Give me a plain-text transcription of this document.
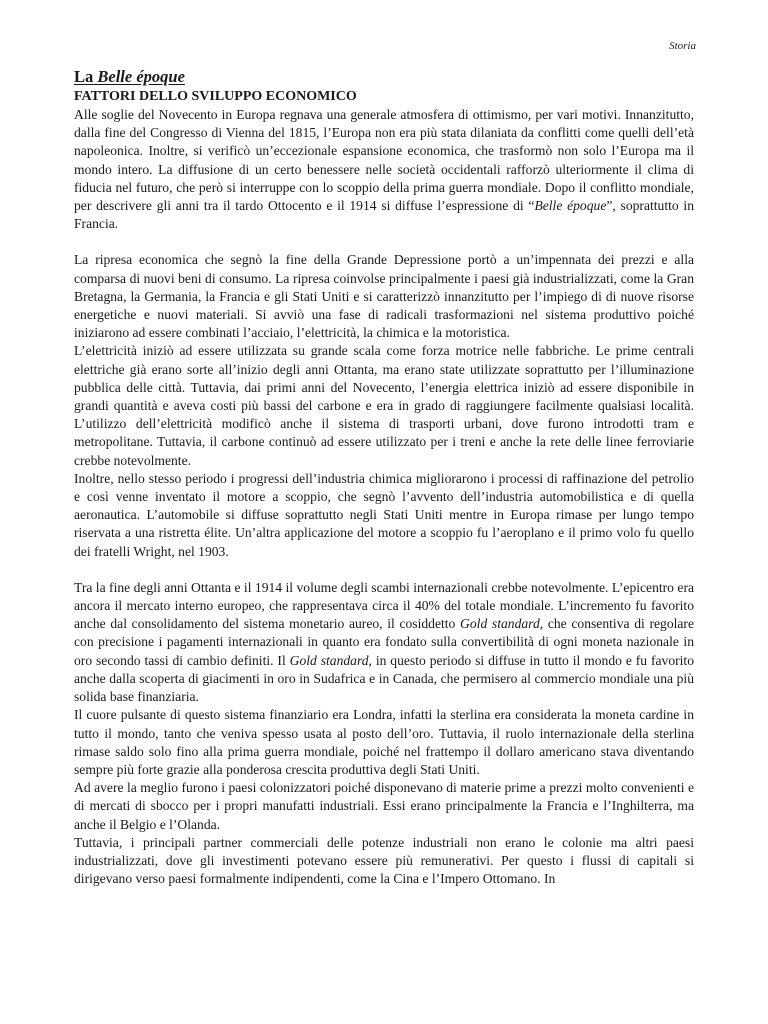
Storia
La Belle époque
FATTORI DELLO SVILUPPO ECONOMICO

Alle soglie del Novecento in Europa regnava una generale atmosfera di ottimismo, per vari motivi. Innanzitutto, dalla fine del Congresso di Vienna del 1815, l’Europa non era più stata dilaniata da conflitti come quelli dell’età napoleonica. Inoltre, si verificò un’eccezionale espansione economica, che trasformò non solo l’Europa ma il mondo intero. La diffusione di un certo benessere nelle società occidentali rafforzò ulteriormente il clima di fiducia nel futuro, che però si interruppe con lo scoppio della prima guerra mondiale. Dopo il conflitto mondiale, per descrivere gli anni tra il tardo Ottocento e il 1914 si diffuse l’espressione di “Belle époque”, soprattutto in Francia.

La ripresa economica che segnò la fine della Grande Depressione portò a un’impennata dei prezzi e alla comparsa di nuovi beni di consumo. La ripresa coinvolse principalmente i paesi già industrializzati, come la Gran Bretagna, la Germania, la Francia e gli Stati Uniti e si caratterizzò innanzitutto per l’impiego di di nuove risorse energetiche e nuovi materiali. Si avviò una fase di radicali trasformazioni nel sistema produttivo poiché iniziarono ad essere combinati l’acciaio, l’elettricità, la chimica e la motoristica.

L’elettricità iniziò ad essere utilizzata su grande scala come forza motrice nelle fabbriche. Le prime centrali elettriche già erano sorte all’inizio degli anni Ottanta, ma erano state utilizzate soprattutto per l’illuminazione pubblica delle città. Tuttavia, dai primi anni del Novecento, l’energia elettrica iniziò ad essere disponibile in grandi quantità e aveva costi più bassi del carbone e era in grado di raggiungere facilmente qualsiasi località. L’utilizzo dell’elettricità modificò anche il sistema di trasporti urbani, dove furono introdotti tram e metropolitane. Tuttavia, il carbone continuò ad essere utilizzato per i treni e anche la rete delle linee ferroviarie crebbe notevolmente.

Inoltre, nello stesso periodo i progressi dell’industria chimica migliorarono i processi di raffinazione del petrolio e così venne inventato il motore a scoppio, che segnò l’avvento dell’industria automobilistica e di quella aeronautica. L’automobile si diffuse soprattutto negli Stati Uniti mentre in Europa rimase per lungo tempo riservata a una ristretta élite. Un’altra applicazione del motore a scoppio fu l’aeroplano e il primo volo fu quello dei fratelli Wright, nel 1903.

Tra la fine degli anni Ottanta e il 1914 il volume degli scambi internazionali crebbe notevolmente. L’epicentro era ancora il mercato interno europeo, che rappresentava circa il 40% del totale mondiale. L’incremento fu favorito anche dal consolidamento del sistema monetario aureo, il cosiddetto Gold standard, che consentiva di regolare con precisione i pagamenti internazionali in quanto era fondato sulla convertibilità di ogni moneta nazionale in oro secondo tassi di cambio definiti. Il Gold standard, in questo periodo si diffuse in tutto il mondo e fu favorito anche dalla scoperta di giacimenti in oro in Sudafrica e in Canada, che permisero al commercio mondiale una più solida base finanziaria.

Il cuore pulsante di questo sistema finanziario era Londra, infatti la sterlina era considerata la moneta cardine in tutto il mondo, tanto che veniva spesso usata al posto dell’oro. Tuttavia, il ruolo internazionale della sterlina rimase saldo solo fino alla prima guerra mondiale, poiché nel frattempo il dollaro americano stava diventando sempre più forte grazie alla ponderosa crescita produttiva degli Stati Uniti.

Ad avere la meglio furono i paesi colonizzatori poiché disponevano di materie prime a prezzi molto convenienti e di mercati di sbocco per i propri manufatti industriali. Essi erano principalmente la Francia e l’Inghilterra, ma anche il Belgio e l’Olanda.

Tuttavia, i principali partner commerciali delle potenze industriali non erano le colonie ma altri paesi industrializzati, dove gli investimenti potevano essere più remunerativi. Per questo i flussi di capitali si dirigevano verso paesi formalmente indipendenti, come la Cina e l’Impero Ottomano. In
